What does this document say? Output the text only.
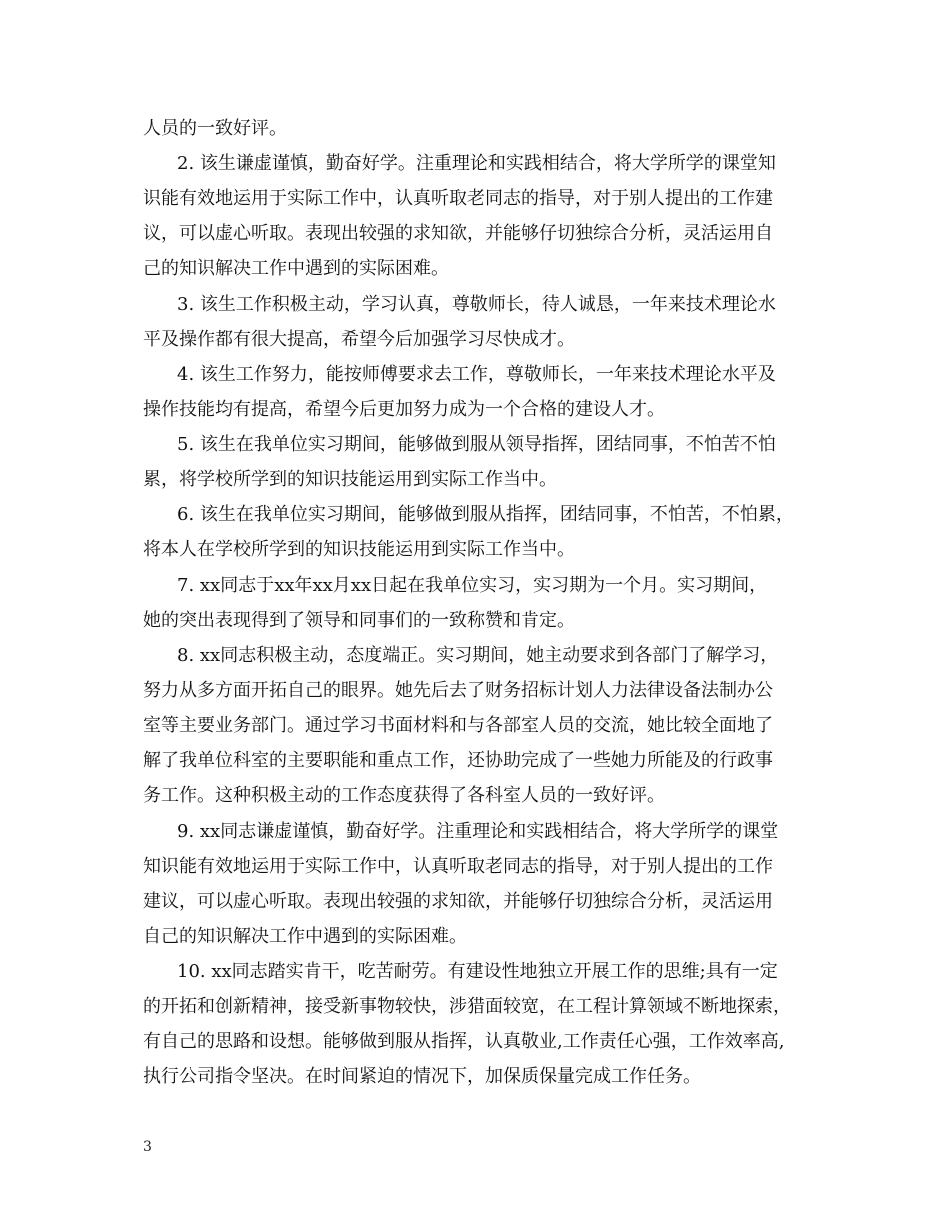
人员的一致好评。
2. 该生谦虚谨慎，勤奋好学。注重理论和实践相结合，将大学所学的课堂知
识能有效地运用于实际工作中，认真听取老同志的指导，对于别人提出的工作建
议，可以虚心听取。表现出较强的求知欲，并能够仔切独综合分析，灵活运用自
己的知识解决工作中遇到的实际困难。
3. 该生工作积极主动，学习认真，尊敬师长，待人诚恳，一年来技术理论水
平及操作都有很大提高，希望今后加强学习尽快成才。
4. 该生工作努力，能按师傅要求去工作，尊敬师长，一年来技术理论水平及
操作技能均有提高，希望今后更加努力成为一个合格的建设人才。
5. 该生在我单位实习期间，能够做到服从领导指挥，团结同事，不怕苦不怕
累，将学校所学到的知识技能运用到实际工作当中。
6. 该生在我单位实习期间，能够做到服从指挥，团结同事，不怕苦，不怕累，
将本人在学校所学到的知识技能运用到实际工作当中。
7. xx同志于xx年xx月xx日起在我单位实习，实习期为一个月。实习期间，
她的突出表现得到了领导和同事们的一致称赞和肯定。
8. xx同志积极主动，态度端正。实习期间，她主动要求到各部门了解学习，
努力从多方面开拓自己的眼界。她先后去了财务招标计划人力法律设备法制办公
室等主要业务部门。通过学习书面材料和与各部室人员的交流，她比较全面地了
解了我单位科室的主要职能和重点工作，还协助完成了一些她力所能及的行政事
务工作。这种积极主动的工作态度获得了各科室人员的一致好评。
9. xx同志谦虚谨慎，勤奋好学。注重理论和实践相结合，将大学所学的课堂
知识能有效地运用于实际工作中，认真听取老同志的指导，对于别人提出的工作
建议，可以虚心听取。表现出较强的求知欲，并能够仔切独综合分析，灵活运用
自己的知识解决工作中遇到的实际困难。
10. xx同志踏实肯干，吃苦耐劳。有建设性地独立开展工作的思维;具有一定
的开拓和创新精神，接受新事物较快，涉猎面较宽，在工程计算领域不断地探索，
有自己的思路和设想。能够做到服从指挥，认真敬业,工作责任心强，工作效率高,
执行公司指令坚决。在时间紧迫的情况下，加保质保量完成工作任务。
3
